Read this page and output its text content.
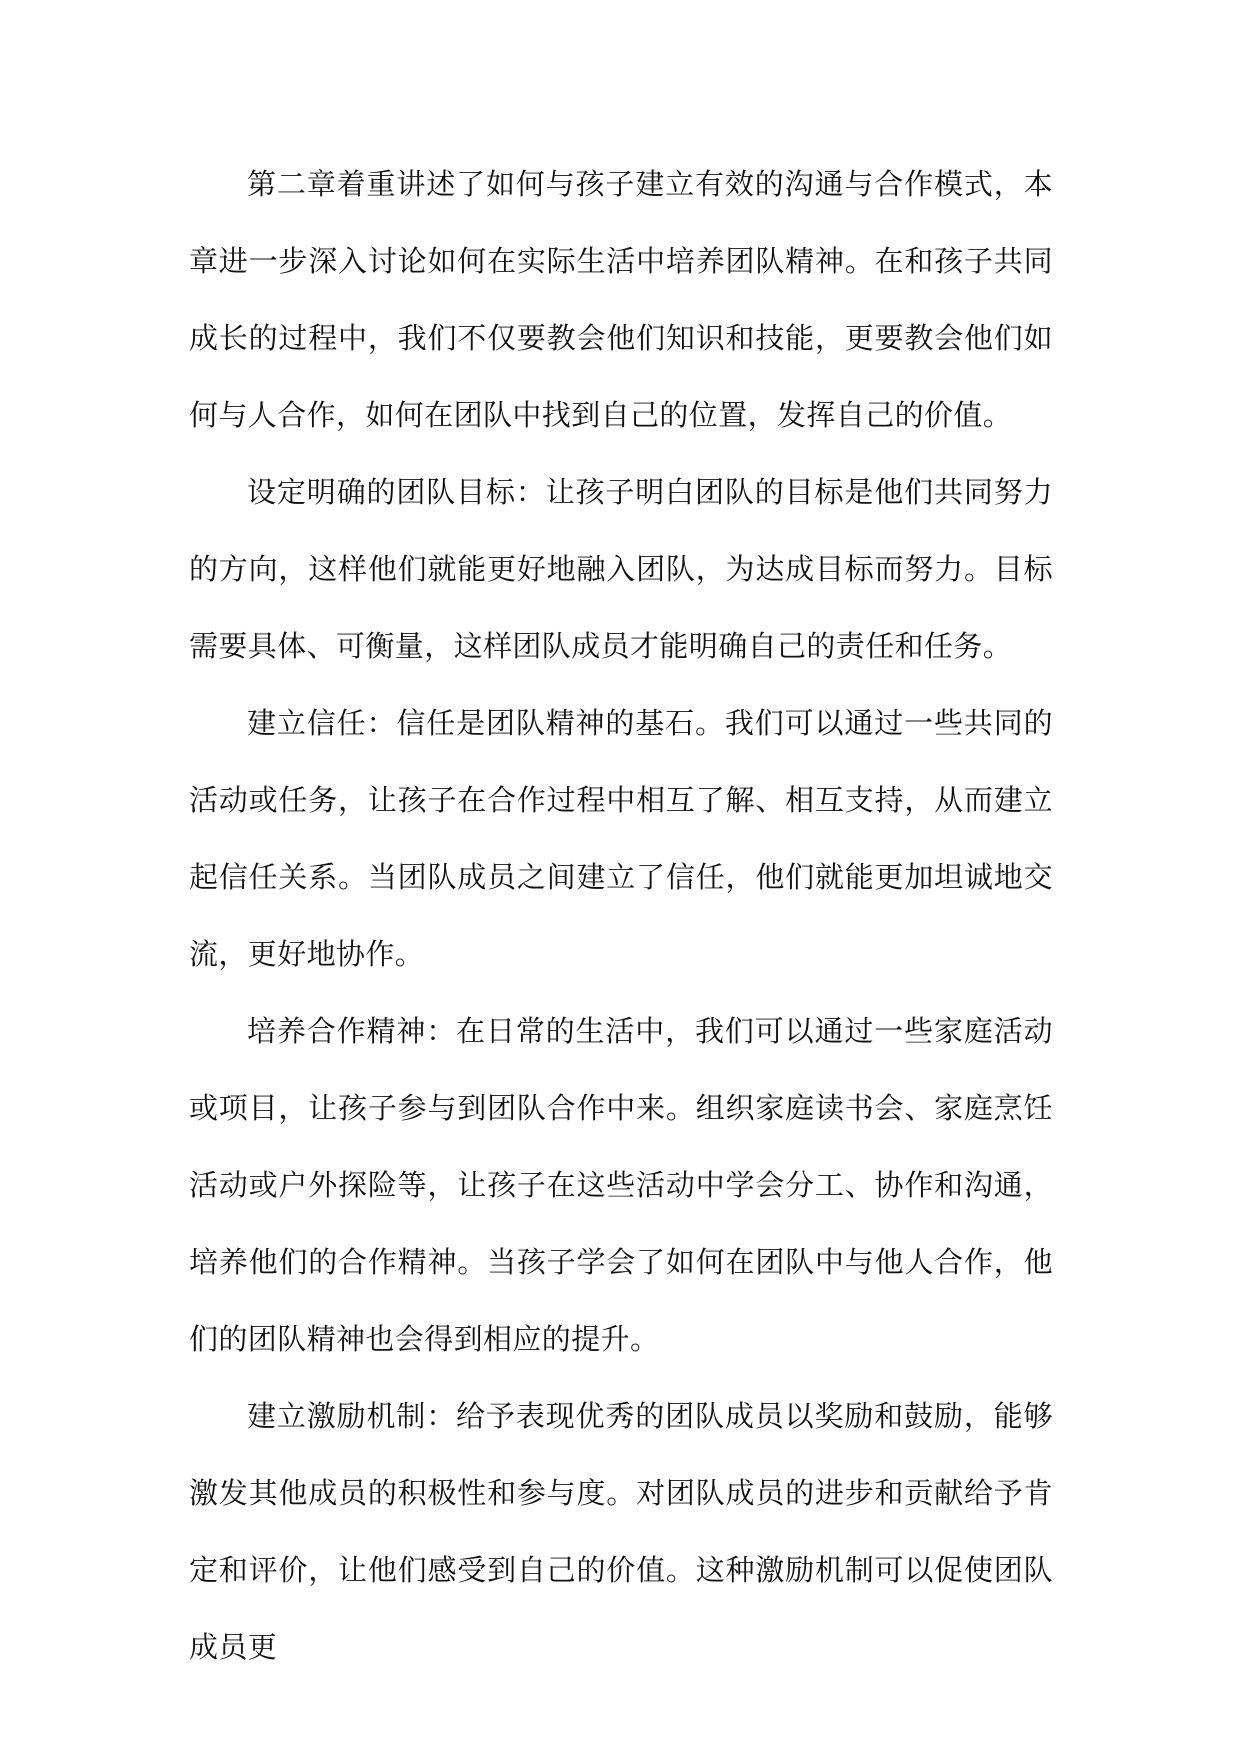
第二章着重讲述了如何与孩子建立有效的沟通与合作模式，本章进一步深入讨论如何在实际生活中培养团队精神。在和孩子共同成长的过程中，我们不仅要教会他们知识和技能，更要教会他们如何与人合作，如何在团队中找到自己的位置，发挥自己的价值。

设定明确的团队目标：让孩子明白团队的目标是他们共同努力的方向，这样他们就能更好地融入团队，为达成目标而努力。目标需要具体、可衡量，这样团队成员才能明确自己的责任和任务。

建立信任：信任是团队精神的基石。我们可以通过一些共同的活动或任务，让孩子在合作过程中相互了解、相互支持，从而建立起信任关系。当团队成员之间建立了信任，他们就能更加坦诚地交流，更好地协作。

培养合作精神：在日常的生活中，我们可以通过一些家庭活动或项目，让孩子参与到团队合作中来。组织家庭读书会、家庭烹饪活动或户外探险等，让孩子在这些活动中学会分工、协作和沟通，培养他们的合作精神。当孩子学会了如何在团队中与他人合作，他们的团队精神也会得到相应的提升。

建立激励机制：给予表现优秀的团队成员以奖励和鼓励，能够激发其他成员的积极性和参与度。对团队成员的进步和贡献给予肯定和评价，让他们感受到自己的价值。这种激励机制可以促使团队成员更
